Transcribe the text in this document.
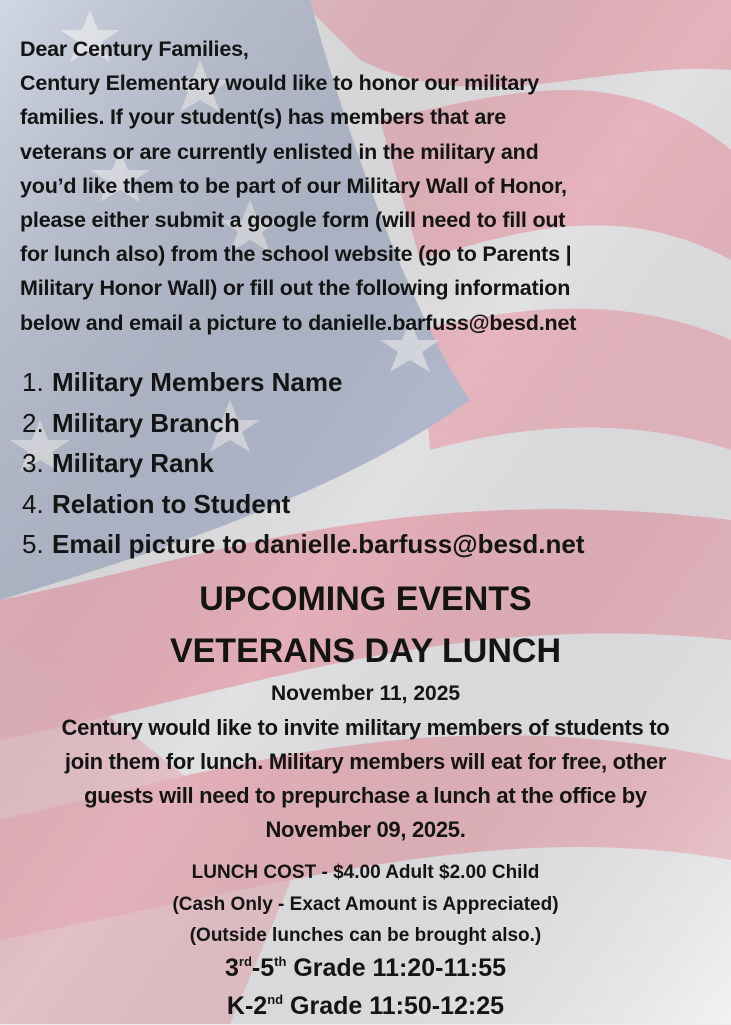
Dear Century Families,
Century Elementary would like to honor our military
families. If your student(s) has members that are
veterans or are currently enlisted in the military and
you’d like them to be part of our Military Wall of Honor,
please either submit a google form (will need to fill out
for lunch also) from the school website (go to Parents |
Military Honor Wall) or fill out the following information
below and email a picture to danielle.barfuss@besd.net
1. Military Members Name
2. Military Branch
3. Military Rank
4. Relation to Student
5. Email picture to danielle.barfuss@besd.net
UPCOMING EVENTS
VETERANS DAY LUNCH
November 11, 2025
Century would like to invite military members of students to
join them for lunch. Military members will eat for free, other
guests will need to prepurchase a lunch at the office by
November 09, 2025.
LUNCH COST - $4.00 Adult $2.00 Child
(Cash Only - Exact Amount is Appreciated)
(Outside lunches can be brought also.)
3rd-5th Grade 11:20-11:55
K-2nd Grade 11:50-12:25
